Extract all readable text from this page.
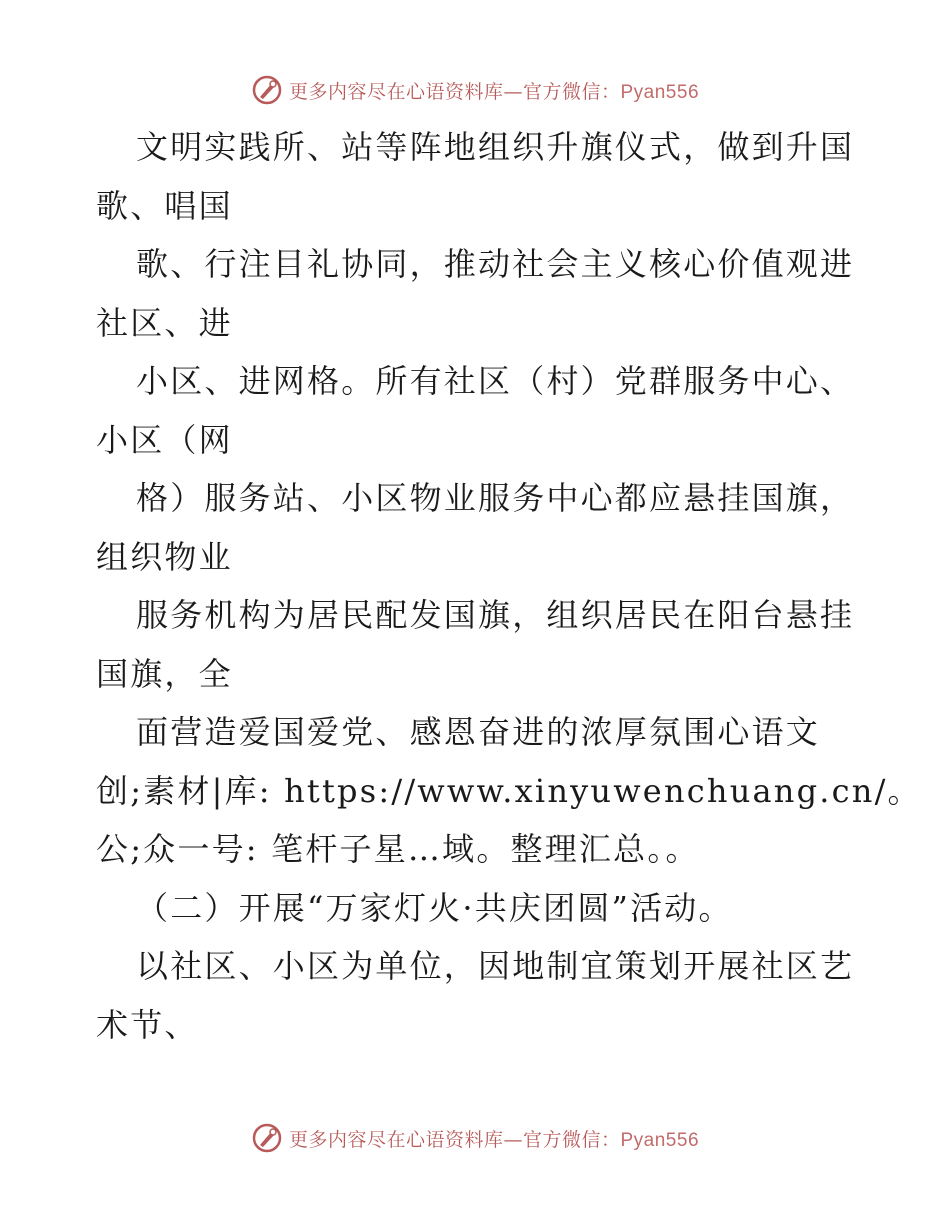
更多内容尽在心语资料库—官方微信：Pyan556

文明实践所、站等阵地组织升旗仪式，做到升国

歌、唱国

歌、行注目礼协同，推动社会主义核心价值观进

社区、进

小区、进网格。所有社区（村）党群服务中心、

小区（网

格）服务站、小区物业服务中心都应悬挂国旗，

组织物业

服务机构为居民配发国旗，组织居民在阳台悬挂

国旗，全

面营造爱国爱党、感恩奋进的浓厚氛围心语文

创;素材|库: https://www.xinyuwenchuang.cn/。

公;众一号: 笔杆子星…域。整理汇总。。

（二）开展“万家灯火·共庆团圆”活动。

以社区、小区为单位，因地制宜策划开展社区艺

术节、

更多内容尽在心语资料库—官方微信：Pyan556
